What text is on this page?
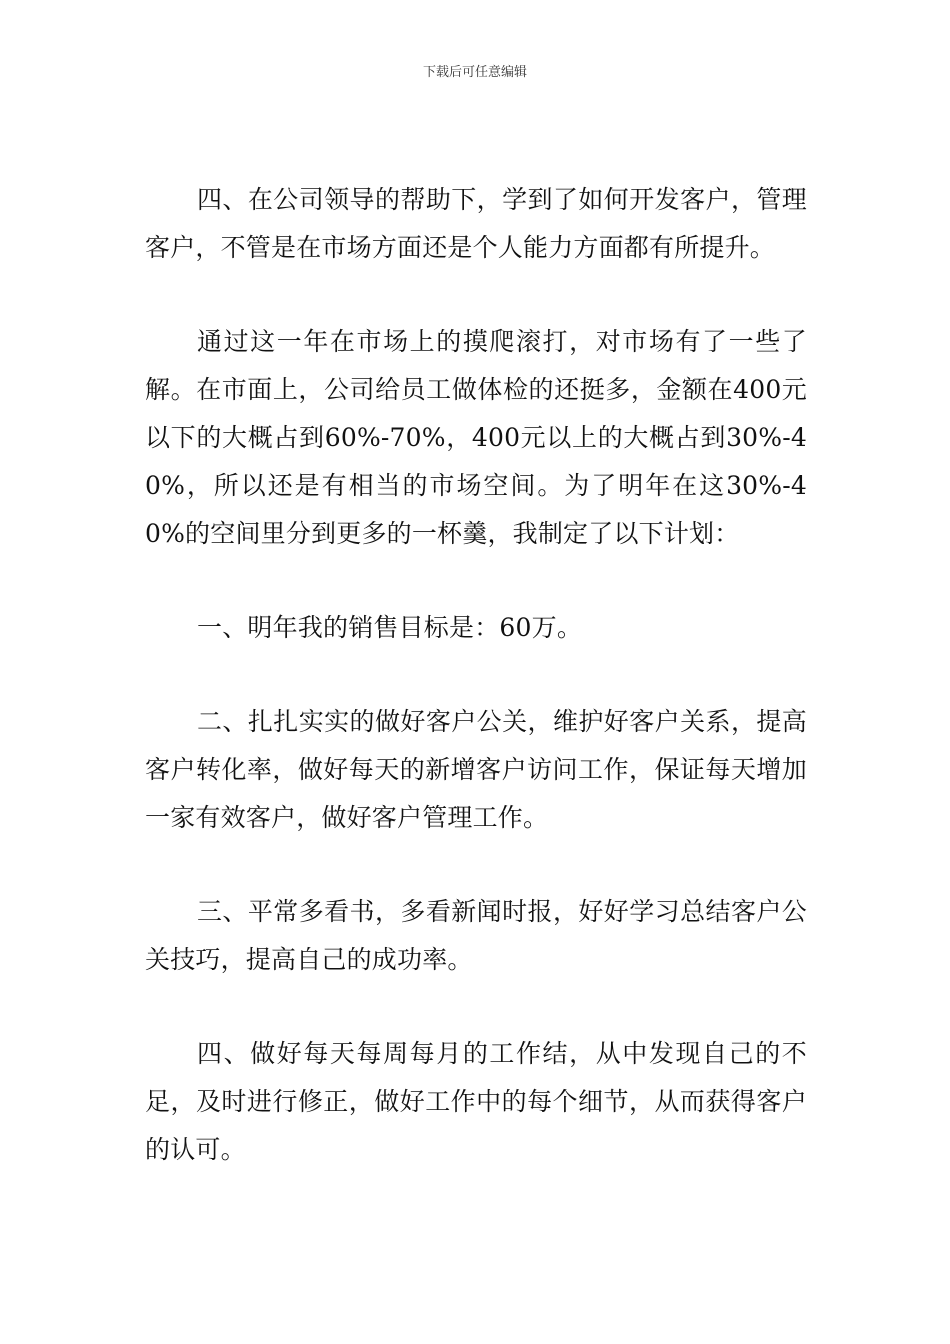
下载后可任意编辑

四、在公司领导的帮助下，学到了如何开发客户，管理客户，不管是在市场方面还是个人能力方面都有所提升。

通过这一年在市场上的摸爬滚打，对市场有了一些了解。在市面上，公司给员工做体检的还挺多，金额在400元以下的大概占到60%-70%，400元以上的大概占到30%-40%，所以还是有相当的市场空间。为了明年在这30%-40%的空间里分到更多的一杯羹，我制定了以下计划：

一、明年我的销售目标是：60万。

二、扎扎实实的做好客户公关，维护好客户关系，提高客户转化率，做好每天的新增客户访问工作，保证每天增加一家有效客户，做好客户管理工作。

三、平常多看书，多看新闻时报，好好学习总结客户公关技巧，提高自己的成功率。

四、做好每天每周每月的工作结，从中发现自己的不足，及时进行修正，做好工作中的每个细节，从而获得客户的认可。
